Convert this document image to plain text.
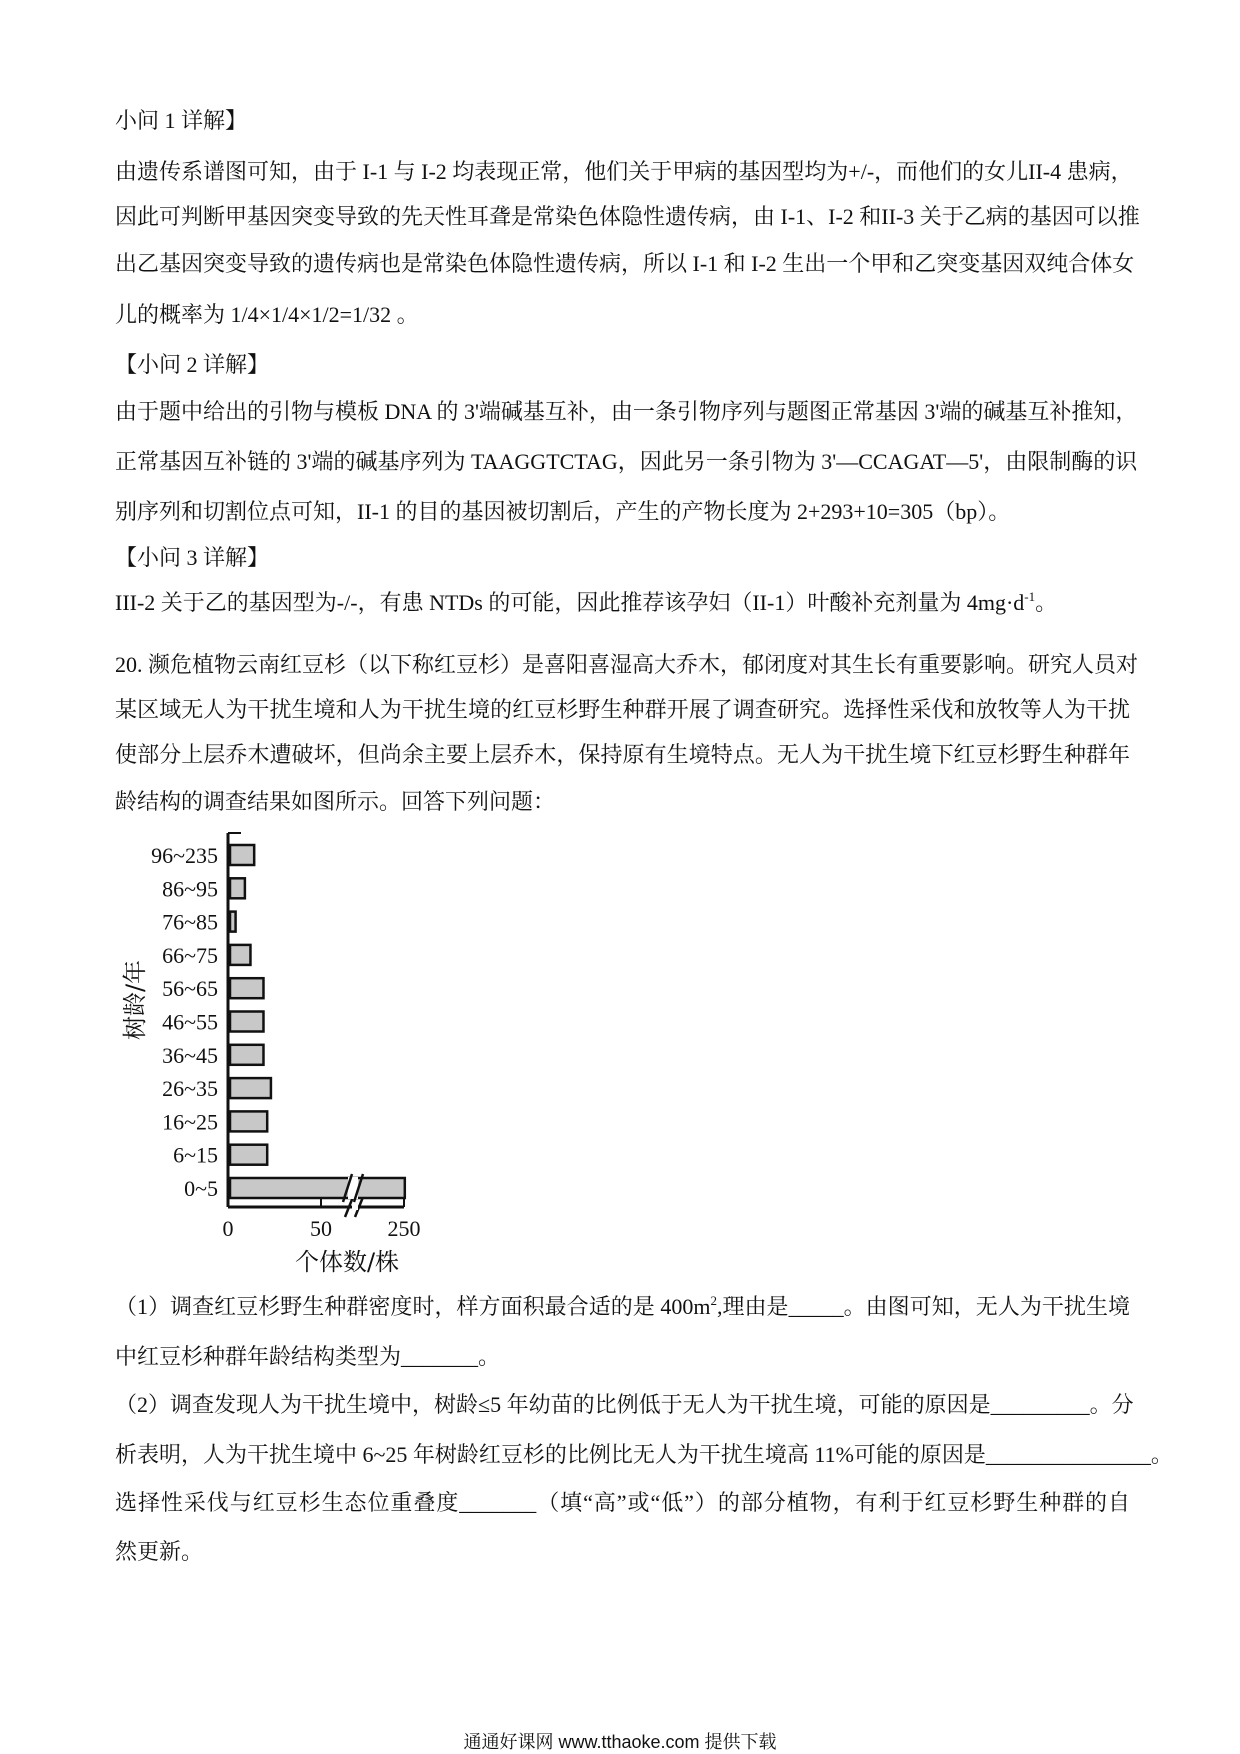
小问 1 详解】
由遗传系谱图可知，由于 I-1 与 I-2 均表现正常，他们关于甲病的基因型均为+/-，而他们的女儿II-4 患病，
因此可判断甲基因突变导致的先天性耳聋是常染色体隐性遗传病，由 I-1、I-2 和II-3 关于乙病的基因可以推
出乙基因突变导致的遗传病也是常染色体隐性遗传病，所以 I-1 和 I-2 生出一个甲和乙突变基因双纯合体女
儿的概率为 1/4×1/4×1/2=1/32 。
【小问 2 详解】
由于题中给出的引物与模板 DNA 的 3'端碱基互补，由一条引物序列与题图正常基因 3'端的碱基互补推知，
正常基因互补链的 3'端的碱基序列为 TAAGGTCTAG，因此另一条引物为 3'—CCAGAT—5'，由限制酶的识
别序列和切割位点可知，II-1 的目的基因被切割后，产生的产物长度为 2+293+10=305（bp）。
【小问 3 详解】
III-2 关于乙的基因型为-/-，有患 NTDs 的可能，因此推荐该孕妇（II-1）叶酸补充剂量为 $4mg\cdot d^{-1}$。
20. 濒危植物云南红豆杉（以下称红豆杉）是喜阳喜湿高大乔木，郁闭度对其生长有重要影响。研究人员对
某区域无人为干扰生境和人为干扰生境的红豆杉野生种群开展了调查研究。选择性采伐和放牧等人为干扰
使部分上层乔木遭破坏，但尚余主要上层乔木，保持原有生境特点。无人为干扰生境下红豆杉野生种群年
龄结构的调查结果如图所示。回答下列问题：
0	50	250
96~235
86~95
76~85
66~75
56~65
46~55
36~45
26~35
16~25
6~15
0~5
个体数/株
树龄/年
（1）调查红豆杉野生种群密度时，样方面积最合适的是 $400m^2$,理由是_____。由图可知，无人为干扰生境
中红豆杉种群年龄结构类型为_______。
（2）调查发现人为干扰生境中，树龄≤5 年幼苗的比例低于无人为干扰生境，可能的原因是_________。分
析表明，人为干扰生境中 6~25 年树龄红豆杉的比例比无人为干扰生境高 11%可能的原因是_______________。
选择性采伐与红豆杉生态位重叠度_______（填“高”或“低”）的部分植物，有利于红豆杉野生种群的自
然更新。
通通好课网 www.tthaoke.com 提供下载
